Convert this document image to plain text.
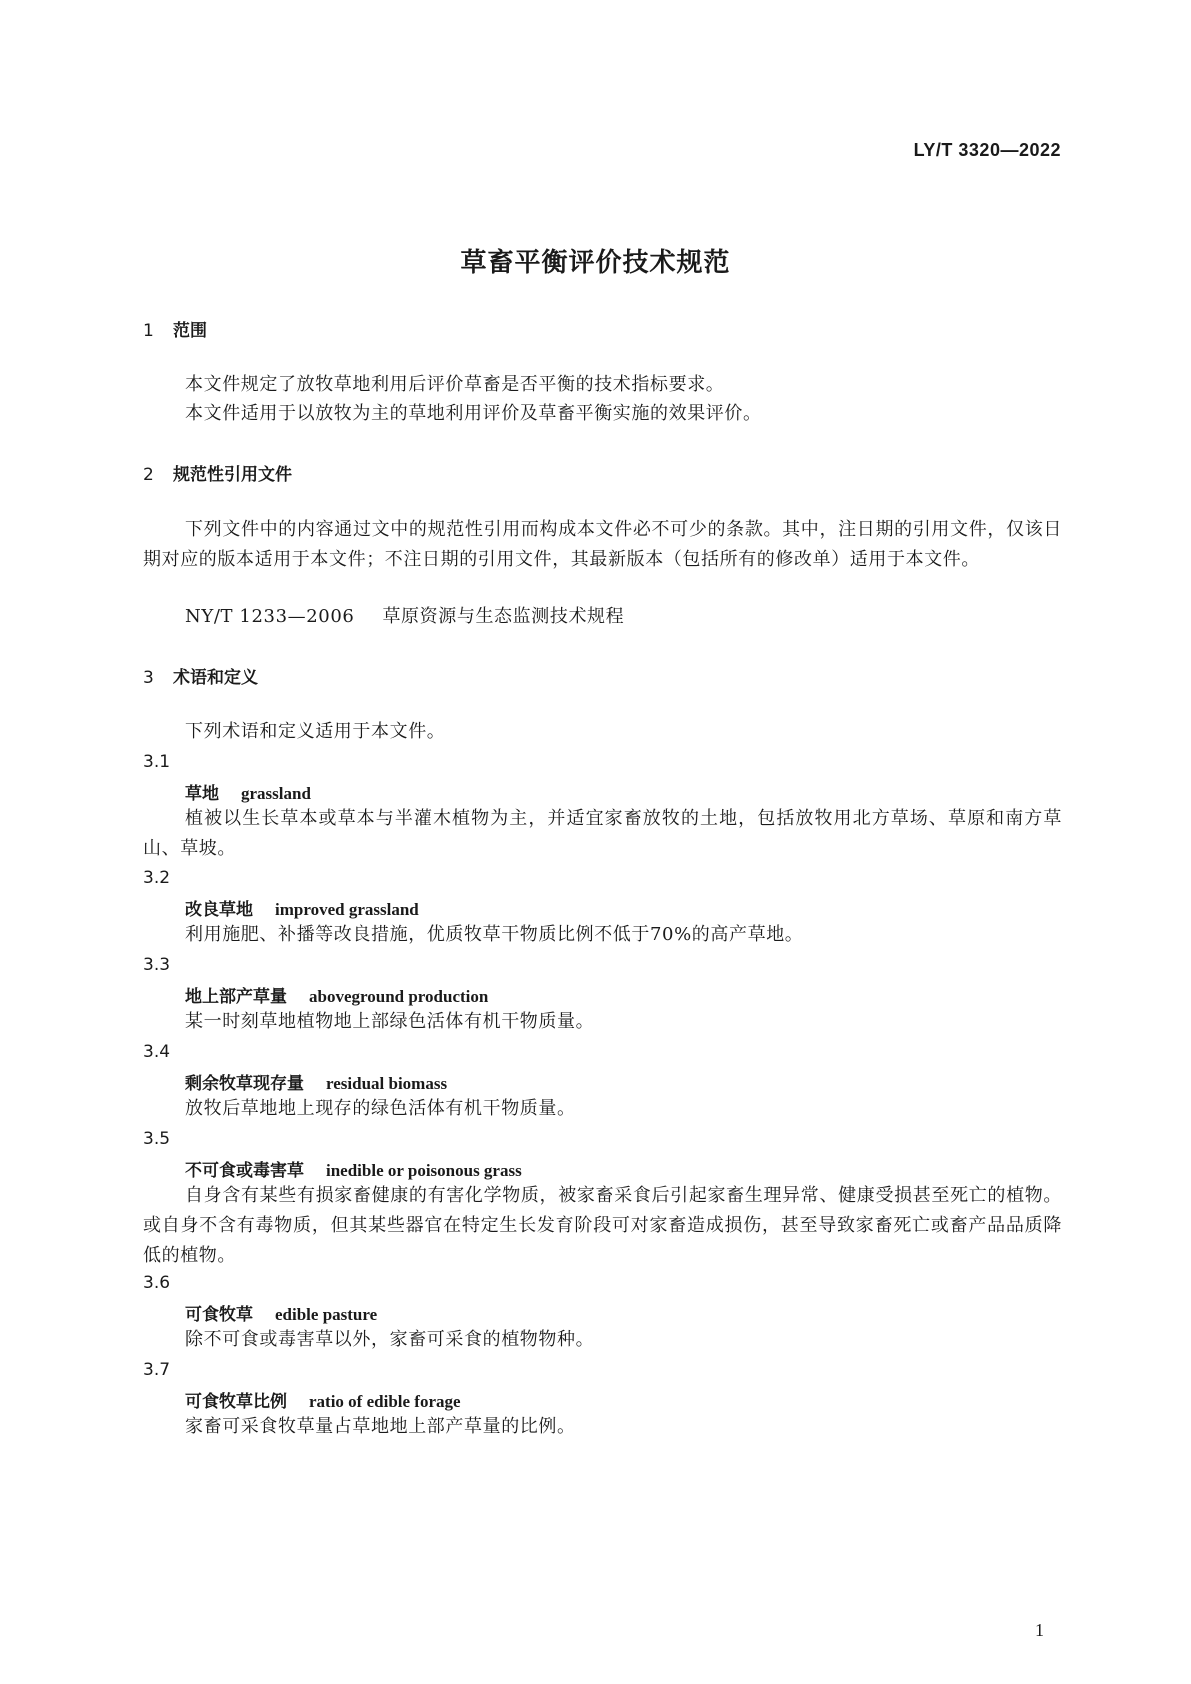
LY/T 3320—2022
草畜平衡评价技术规范
1 范围
本文件规定了放牧草地利用后评价草畜是否平衡的技术指标要求。
本文件适用于以放牧为主的草地利用评价及草畜平衡实施的效果评价。
2 规范性引用文件
下列文件中的内容通过文中的规范性引用而构成本文件必不可少的条款。其中，注日期的引用文件，仅该日期对应的版本适用于本文件；不注日期的引用文件，其最新版本（包括所有的修改单）适用于本文件。
NY/T 1233—2006 草原资源与生态监测技术规程
3 术语和定义
下列术语和定义适用于本文件。
3.1
草地 grassland
植被以生长草本或草本与半灌木植物为主，并适宜家畜放牧的土地，包括放牧用北方草场、草原和南方草山、草坡。
3.2
改良草地 improved grassland
利用施肥、补播等改良措施，优质牧草干物质比例不低于70%的高产草地。
3.3
地上部产草量 aboveground production
某一时刻草地植物地上部绿色活体有机干物质量。
3.4
剩余牧草现存量 residual biomass
放牧后草地地上现存的绿色活体有机干物质量。
3.5
不可食或毒害草 inedible or poisonous grass
自身含有某些有损家畜健康的有害化学物质，被家畜采食后引起家畜生理异常、健康受损甚至死亡的植物。或自身不含有毒物质，但其某些器官在特定生长发育阶段可对家畜造成损伤，甚至导致家畜死亡或畜产品品质降低的植物。
3.6
可食牧草 edible pasture
除不可食或毒害草以外，家畜可采食的植物物种。
3.7
可食牧草比例 ratio of edible forage
家畜可采食牧草量占草地地上部产草量的比例。
1
